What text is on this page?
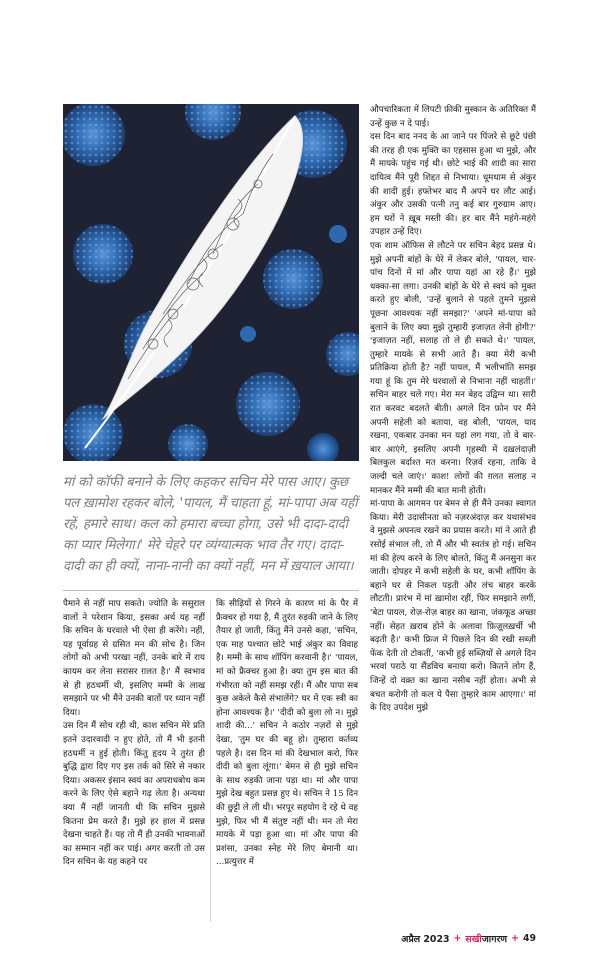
मां को कॉफी बनाने के लिए कहकर सचिन मेरे पास आए। कुछ पल ख़ामोश रहकर बोले, 'पायल, मैं चाहता हूं, मां-पापा अब यहीं रहें, हमारे साथ। कल को हमारा बच्चा होगा, उसे भी दादा-दादी का प्यार मिलेगा।' मेरे चेहरे पर व्यंग्यात्मक भाव तैर गए। दादा-दादी का ही क्यों, नाना-नानी का क्यों नहीं, मन में ख़याल आया।
पैमाने से नहीं माप सकते। ज्योति के ससुराल वालों ने परेशान किया, इसका अर्थ यह नहीं कि सचिन के घरवाले भी ऐसा ही करेंगे। नहीं, यह पूर्वाग्रह से ग्रसित मन की सोच है। जिन लोगों को अभी परखा नहीं, उनके बारे में राय कायम कर लेना सरासर ग़लत है।' मैं स्वभाव से ही हठधर्मी थी, इसलिए मम्मी के लाख समझाने पर भी मैंने उनकी बातों पर ध्यान नहीं दिया।
उस दिन मैं सोच रही थी, काश सचिन मेरे प्रति इतने उदारवादी न हुए होते, तो मैं भी इतनी हठधर्मी न हुई होती। किंतु हृदय ने तुरंत ही बुद्धि द्वारा दिए गए इस तर्क को सिरे से नकार दिया। अकसर इंसान स्वयं का अपराधबोध कम करने के लिए ऐसे बहाने गढ़ लेता है। अन्यथा क्या मैं नहीं जानती थी कि सचिन मुझसे कितना प्रेम करते हैं। मुझे हर हाल में प्रसन्न देखना चाहते हैं। यह तो मैं ही उनकी भावनाओं का सम्मान नहीं कर पाई। अगर करती तो उस दिन सचिन के यह कहने पर
कि सीढ़ियों से गिरने के कारण मां के पैर में फ्रैक्चर हो गया है, मैं तुरंत रुड़की जाने के लिए तैयार हो जाती, किंतु मैंने उनसे कहा, 'सचिन, एक माह पश्चात छोटे भाई अंकुर का विवाह है। मम्मी के साथ शॉपिंग करवानी है।' 'पायल, मां को फ्रैक्चर हुआ है। क्या तुम इस बात की गंभीरता को नहीं समझ रहीं। मैं और पापा सब कुछ अकेले कैसे संभालेंगे? घर में एक स्त्री का होना आवश्यक है।' 'दीदी को बुला लो न। मुझे शादी की...' सचिन ने कठोर नज़रों से मुझे देखा, 'तुम घर की बहू हो। तुम्हारा कर्तव्य पहले है। दस दिन मां की देखभाल करो, फिर दीदी को बुला लूंगा।' बेमन से ही मुझे सचिन के साथ रुड़की जाना पड़ा था। मां और पापा मुझे देख बहुत प्रसन्न हुए थे। सचिन ने 15 दिन की छुट्टी ले ली थी। भरपूर सहयोग दे रहे थे वह मुझे, फिर भी मैं संतुष्ट नहीं थी। मन तो मेरा मायके में पड़ा हुआ था। मां और पापा की प्रशंसा, उनका स्नेह मेरे लिए बेमानी था। ...प्रत्युत्तर में
औपचारिकता में लिपटी फ़ीकी मुस्कान के अतिरिक्त मैं उन्हें कुछ न दे पाई।
दस दिन बाद ननद के आ जाने पर पिंजरे से छूटे पंछी की तरह ही एक मुक्ति का एहसास हुआ था मुझे, और मैं मायके पहुंच गई थी। छोटे भाई की शादी का सारा दायित्व मैंने पूरी शिद्दत से निभाया। धूमधाम से अंकुर की शादी हुई। हफ्तेभर बाद मैं अपने घर लौट आई। अंकुर और उसकी पत्नी तनु कई बार गुरुग्राम आए। हम घरों ने ख़ूब मस्ती की। हर बार मैंने महंगे-महंगे उपहार उन्हें दिए।
एक शाम ऑफिस से लौटने पर सचिन बेहद प्रसन्न थे। मुझे अपनी बांहों के घेरे में लेकर बोले, 'पायल, चार-पांच दिनों में मां और पापा यहां आ रहे हैं।' मुझे धक्का-सा लगा। उनकी बांहों के घेरे से स्वयं को मुक्त करते हुए बोली, 'उन्हें बुलाने से पहले तुमने मुझसे पूछना आवश्यक नहीं समझा?' 'अपने मां-पापा को बुलाने के लिए क्या मुझे तुम्हारी इजाज़त लेनी होगी?' 'इजाज़त नहीं, सलाह तो ले ही सकते थे।' 'पायल, तुम्हारे मायके से सभी आते हैं। क्या मेरी कभी प्रतिक्रिया होती है? नहीं पायल, मैं भलीभांति समझ गया हूं कि तुम मेरे घरवालों से निभाना नहीं चाहतीं।' सचिन बाहर चले गए। मेरा मन बेहद उद्विग्न था। सारी रात करवट बदलते बीती। अगले दिन फ़ोन पर मैंने अपनी सहेली को बताया, वह बोली, 'पायल, याद रखना, एकबार उनका मन यहां लग गया, तो वे बार-बार आएंगे, इसलिए अपनी गृहस्थी में दख़लंदाज़ी बिलकुल बर्दाश्त मत करना। रिज़र्व रहना, ताकि वे जल्दी चले जाएं।' काश! लोगों की ग़लत सलाह न मानकर मैंने मम्मी की बात मानी होती।
मां-पापा के आगमन पर बेमन से ही मैंने उनका स्वागत किया। मेरी उदासीनता को नज़रअंदाज़ कर यथासंभव वे मुझसे अपनत्व रखने का प्रयास करते। मां ने आते ही रसोई संभाल ली, तो मैं और भी स्वतंत्र हो गई। सचिन मां की हेल्प करने के लिए बोलते, किंतु मैं अनसुना कर जाती। दोपहर में कभी सहेली के घर, कभी शॉपिंग के बहाने घर से निकल पड़ती और लंच बाहर करके लौटती। प्रारंभ में मां ख़ामोश रहीं, फिर समझाने लगीं, 'बेटा पायल, रोज़-रोज़ बाहर का खाना, जंकफूड अच्छा नहीं। सेहत ख़राब होने के अलावा फ़िज़ूलख़र्ची भी बढ़ती है।' कभी फ्रिज में पिछले दिन की रखी सब्ज़ी फेंक देती तो टोकतीं, 'कभी हुई सब्ज़ियों से अगले दिन भरवां पराठे या सैंडविच बनाया करो। कितने लोग हैं, जिन्हें दो वक़्त का खाना नसीब नहीं होता। अभी से बचत करोगी तो कल ये पैसा तुम्हारे काम आएगा।' मां के दिए उपदेश मुझे
अप्रैल 2023 + सखीजागरण + 49
